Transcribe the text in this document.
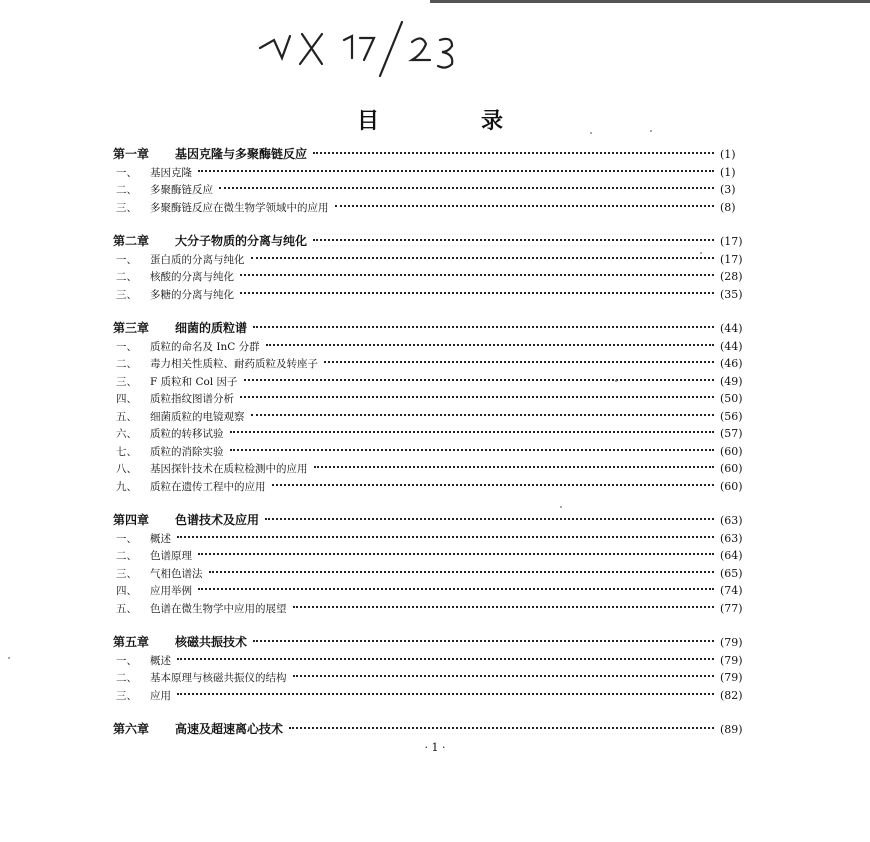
目　录
第一章 基因克隆与多聚酶链反应	(1)
一、 基因克隆	(1)
二、 多聚酶链反应	(3)
三、 多聚酶链反应在微生物学领域中的应用	(8)
第二章 大分子物质的分离与纯化	(17)
一、 蛋白质的分离与纯化	(17)
二、 核酸的分离与纯化	(28)
三、 多糖的分离与纯化	(35)
第三章 细菌的质粒谱	(44)
一、 质粒的命名及 InC 分群	(44)
二、 毒力相关性质粒、耐药质粒及转座子	(46)
三、 F 质粒和 Col 因子	(49)
四、 质粒指纹图谱分析	(50)
五、 细菌质粒的电镜观察	(56)
六、 质粒的转移试验	(57)
七、 质粒的消除实验	(60)
八、 基因探针技术在质粒检测中的应用	(60)
九、 质粒在遗传工程中的应用	(60)
第四章 色谱技术及应用	(63)
一、 概述	(63)
二、 色谱原理	(64)
三、 气相色谱法	(65)
四、 应用举例	(74)
五、 色谱在微生物学中应用的展望	(77)
第五章 核磁共振技术	(79)
一、 概述	(79)
二、 基本原理与核磁共振仪的结构	(79)
三、 应用	(82)
第六章 高速及超速离心技术	(89)
· 1 ·
